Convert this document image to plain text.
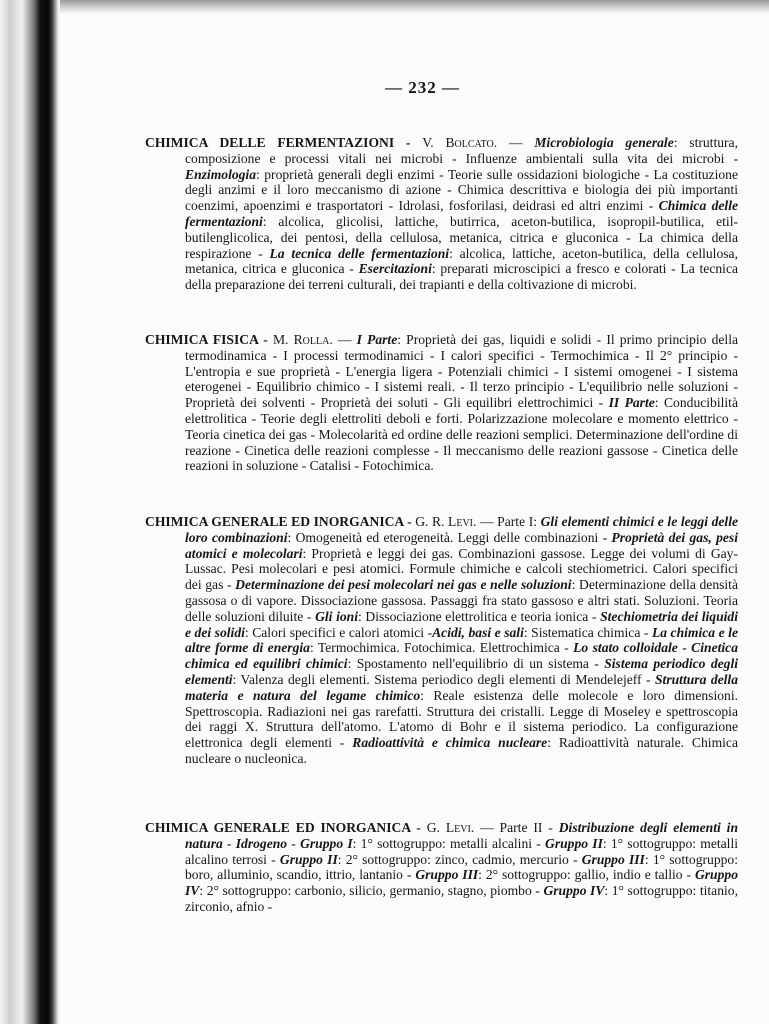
— 232 —
CHIMICA DELLE FERMENTAZIONI - V. Bolcato. — Microbiologia generale: struttura, composizione e processi vitali nei microbi - Influenze ambientali sulla vita dei microbi - Enzimologia: proprietà generali degli enzimi - Teorie sulle ossidazioni biologiche - La costituzione degli anzimi e il loro meccanismo di azione - Chimica descrittiva e biologia dei più importanti coenzimi, apoenzimi e trasportatori - Idrolasi, fosforilasi, deidrasi ed altri enzimi - Chimica delle fermentazioni: alcolica, glicolisi, lattiche, butirrica, aceton-butilica, isopropil-butilica, etil-butilenglicolica, dei pentosi, della cellulosa, metanica, citrica e gluconica - La chimica della respirazione - La tecnica delle fermentazioni: alcolica, lattiche, aceton-butilica, della cellulosa, metanica, citrica e gluconica - Esercitazioni: preparati microscipici a fresco e colorati - La tecnica della preparazione dei terreni culturali, dei trapianti e della coltivazione di microbi.
CHIMICA FISICA - M. Rolla. — I Parte: Proprietà dei gas, liquidi e solidi - Il primo principio della termodinamica - I processi termodinamici - I calori specifici - Termochimica - Il 2° principio - L'entropia e sue proprietà - L'energia ligera - Potenziali chimici - I sistemi omogenei - I sistema eterogenei - Equilibrio chimico - I sistemi reali. - Il terzo principio - L'equilibrio nelle soluzioni - Proprietà dei solventi - Proprietà dei soluti - Gli equilibri elettrochimici - II Parte: Conducibilità elettrolitica - Teorie degli elettroliti deboli e forti. Polarizzazione molecolare e momento elettrico - Teoria cinetica dei gas - Molecolarità ed ordine delle reazioni semplici. Determinazione dell'ordine di reazione - Cinetica delle reazioni complesse - Il meccanismo delle reazioni gassose - Cinetica delle reazioni in soluzione - Catalisi - Fotochimica.
CHIMICA GENERALE ED INORGANICA - G. R. Levi. — Parte I: Gli elementi chimici e le leggi delle loro combinazioni: Omogeneità ed eterogeneità. Leggi delle combinazioni - Proprietà dei gas, pesi atomici e molecolari: Proprietà e leggi dei gas. Combinazioni gassose. Legge dei volumi di Gay-Lussac. Pesi molecolari e pesi atomici. Formule chimiche e calcoli stechiometrici. Calori specifici dei gas - Determinazione dei pesi molecolari nei gas e nelle soluzioni: Determinazione della densità gassosa o di vapore. Dissociazione gassosa. Passaggi fra stato gassoso e altri stati. Soluzioni. Teoria delle soluzioni diluite - Gli ioni: Dissociazione elettrolitica e teoria ionica - Stechiometria dei liquidi e dei solidi: Calori specifici e calori atomici -Acidi, basi e sali: Sistematica chimica - La chimica e le altre forme di energia: Termochimica. Fotochimica. Elettrochimica - Lo stato colloidale - Cinetica chimica ed equilibri chimici: Spostamento nell'equilibrio di un sistema - Sistema periodico degli elementi: Valenza degli elementi. Sistema periodico degli elementi di Mendelejeff - Struttura della materia e natura del legame chimico: Reale esistenza delle molecole e loro dimensioni. Spettroscopia. Radiazioni nei gas rarefatti. Struttura dei cristalli. Legge di Moseley e spettroscopia dei raggi X. Struttura dell'atomo. L'atomo di Bohr e il sistema periodico. La configurazione elettronica degli elementi - Radioattività e chimica nucleare: Radioattività naturale. Chimica nucleare o nucleonica.
CHIMICA GENERALE ED INORGANICA - G. Levi. — Parte II - Distribuzione degli elementi in natura - Idrogeno - Gruppo I: 1° sottogruppo: metalli alcalini - Gruppo II: 1° sottogruppo: metalli alcalino terrosi - Gruppo II: 2° sottogruppo: zinco, cadmio, mercurio - Gruppo III: 1° sottogruppo: boro, alluminio, scandio, ittrio, lantanio - Gruppo III: 2° sottogruppo: gallio, indio e tallio - Gruppo IV: 2° sottogruppo: carbonio, silicio, germanio, stagno, piombo - Gruppo IV: 1° sottogruppo: titanio, zirconio, afnio -
